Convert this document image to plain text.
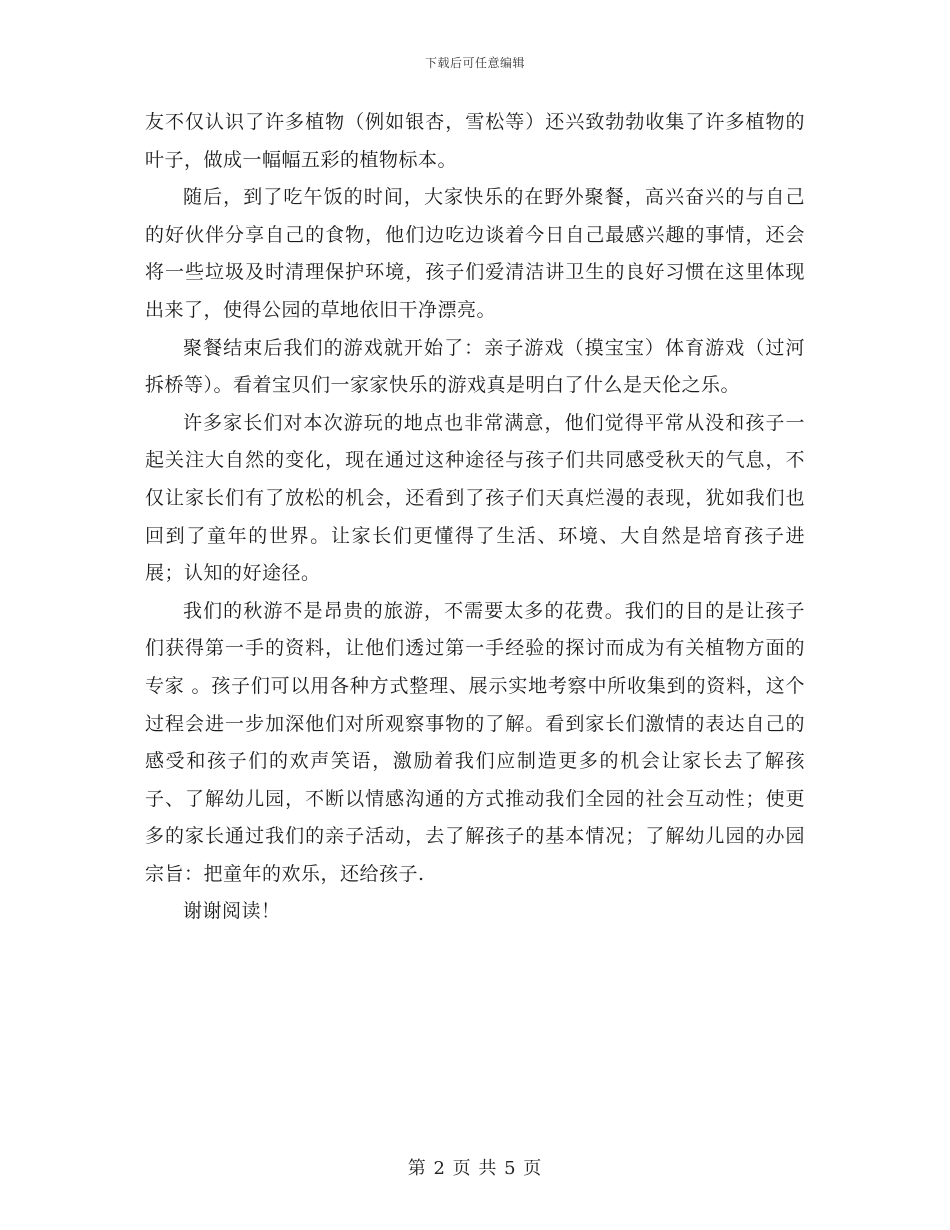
下载后可任意编辑

友不仅认识了许多植物（例如银杏，雪松等）还兴致勃勃收集了许多植物的叶子，做成一幅幅五彩的植物标本。

随后，到了吃午饭的时间，大家快乐的在野外聚餐，高兴奋兴的与自己的好伙伴分享自己的食物，他们边吃边谈着今日自己最感兴趣的事情，还会将一些垃圾及时清理保护环境，孩子们爱清洁讲卫生的良好习惯在这里体现出来了，使得公园的草地依旧干净漂亮。

聚餐结束后我们的游戏就开始了：亲子游戏（摸宝宝）体育游戏（过河拆桥等）。看着宝贝们一家家快乐的游戏真是明白了什么是天伦之乐。

许多家长们对本次游玩的地点也非常满意，他们觉得平常从没和孩子一起关注大自然的变化，现在通过这种途径与孩子们共同感受秋天的气息，不仅让家长们有了放松的机会，还看到了孩子们天真烂漫的表现，犹如我们也回到了童年的世界。让家长们更懂得了生活、环境、大自然是培育孩子进展；认知的好途径。

我们的秋游不是昂贵的旅游，不需要太多的花费。我们的目的是让孩子们获得第一手的资料，让他们透过第一手经验的探讨而成为有关植物方面的 专家 。孩子们可以用各种方式整理、展示实地考察中所收集到的资料，这个过程会进一步加深他们对所观察事物的了解。看到家长们激情的表达自己的感受和孩子们的欢声笑语，激励着我们应制造更多的机会让家长去了解孩子、了解幼儿园，不断以情感沟通的方式推动我们全园的社会互动性；使更多的家长通过我们的亲子活动，去了解孩子的基本情况；了解幼儿园的办园宗旨：把童年的欢乐，还给孩子.

谢谢阅读！

第 2 页 共 5 页
